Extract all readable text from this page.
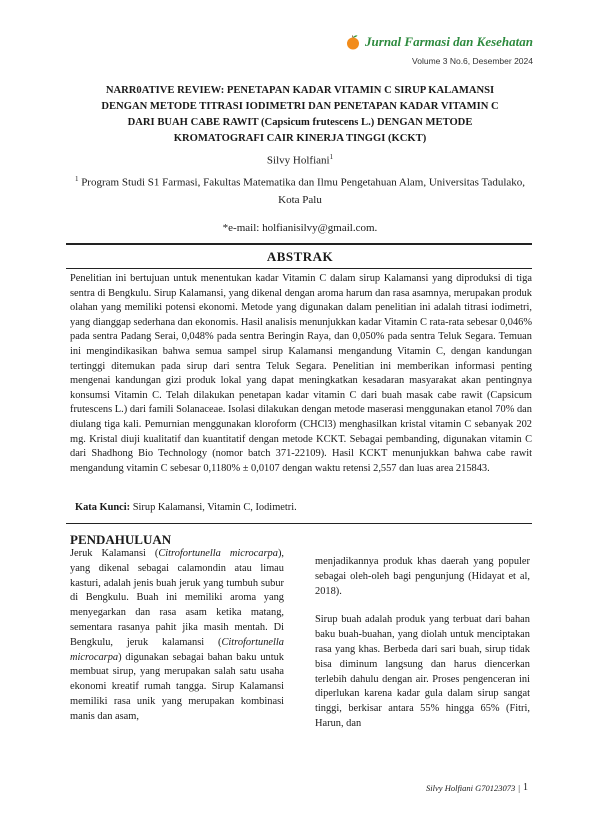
Jurnal Farmasi dan Kesehatan
Volume 3 No.6, Desember 2024
NARR0ATIVE REVIEW: PENETAPAN KADAR VITAMIN C SIRUP KALAMANSI
DENGAN METODE TITRASI IODIMETRI DAN PENETAPAN KADAR VITAMIN C
DARI BUAH CABE RAWIT (Capsicum frutescens L.) DENGAN METODE
KROMATOGRAFI CAIR KINERJA TINGGI (KCKT)
Silvy Holfiani$^1$
$^1$ Program Studi S1 Farmasi, Fakultas Matematika dan Ilmu Pengetahuan Alam, Universitas Tadulako, Kota Palu
*e-mail: holfianisilvy@gmail.com.
ABSTRAK

Penelitian ini bertujuan untuk menentukan kadar Vitamin C dalam sirup Kalamansi yang diproduksi di tiga sentra di Bengkulu. Sirup Kalamansi, yang dikenal dengan aroma harum dan rasa asamnya, merupakan produk olahan yang memiliki potensi ekonomi. Metode yang digunakan dalam penelitian ini adalah titrasi iodimetri, yang dianggap sederhana dan ekonomis. Hasil analisis menunjukkan kadar Vitamin C rata-rata sebesar 0,046% pada sentra Padang Serai, 0,048% pada sentra Beringin Raya, dan 0,050% pada sentra Teluk Segara. Temuan ini mengindikasikan bahwa semua sampel sirup Kalamansi mengandung Vitamin C, dengan kandungan tertinggi ditemukan pada sirup dari sentra Teluk Segara. Penelitian ini memberikan informasi penting mengenai kandungan gizi produk lokal yang dapat meningkatkan kesadaran masyarakat akan pentingnya konsumsi Vitamin C. Telah dilakukan penetapan kadar vitamin C dari buah masak cabe rawit (Capsicum frutescens L.) dari famili Solanaceae. Isolasi dilakukan dengan metode maserasi menggunakan etanol 70% dan diulang tiga kali. Pemurnian menggunakan kloroform (CHCl3) menghasilkan kristal vitamin C sebanyak 202 mg. Kristal diuji kualitatif dan kuantitatif dengan metode KCKT. Sebagai pembanding, digunakan vitamin C dari Shadhong Bio Technology (nomor batch 371-22109). Hasil KCKT menunjukkan bahwa cabe rawit mengandung vitamin C sebesar 0,1180% ± 0,0107 dengan waktu retensi 2,557 dan luas area 215843.

Kata Kunci: Sirup Kalamansi, Vitamin C, Iodimetri.
PENDAHULUAN

Jeruk Kalamansi (Citrofortunella microcarpa), yang dikenal sebagai calamondin atau limau kasturi, adalah jenis buah jeruk yang tumbuh subur di Bengkulu. Buah ini memiliki aroma yang menyegarkan dan rasa asam ketika matang, sementara rasanya pahit jika masih mentah. Di Bengkulu, jeruk kalamansi (Citrofortunella microcarpa) digunakan sebagai bahan baku untuk membuat sirup, yang merupakan salah satu usaha ekonomi kreatif rumah tangga. Sirup Kalamansi memiliki rasa unik yang merupakan kombinasi manis dan asam,

menjadikannya produk khas daerah yang populer sebagai oleh-oleh bagi pengunjung (Hidayat et al, 2018).

Sirup buah adalah produk yang terbuat dari bahan baku buah-buahan, yang diolah untuk menciptakan rasa yang khas. Berbeda dari sari buah, sirup tidak bisa diminum langsung dan harus diencerkan terlebih dahulu dengan air. Proses pengenceran ini diperlukan karena kadar gula dalam sirup sangat tinggi, berkisar antara 55% hingga 65% (Fitri, Harun, dan

Silvy Holfiani G70123073 | 1
